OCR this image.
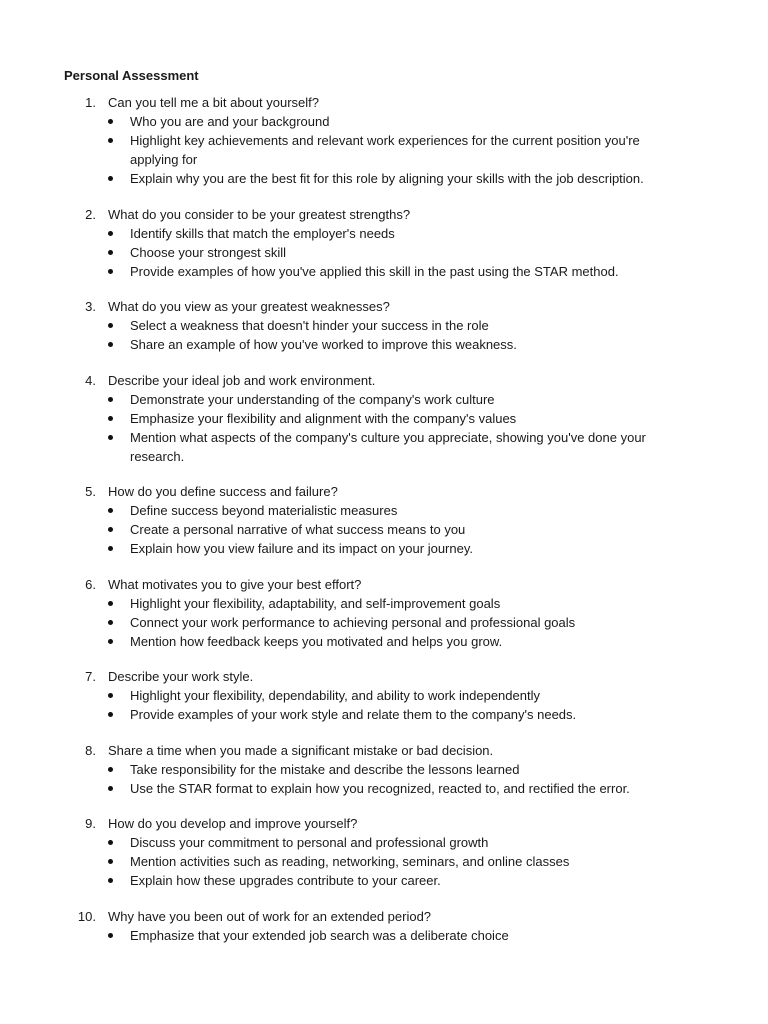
Personal Assessment
1. Can you tell me a bit about yourself?
Who you are and your background
Highlight key achievements and relevant work experiences for the current position you're applying for
Explain why you are the best fit for this role by aligning your skills with the job description.
2. What do you consider to be your greatest strengths?
Identify skills that match the employer's needs
Choose your strongest skill
Provide examples of how you've applied this skill in the past using the STAR method.
3. What do you view as your greatest weaknesses?
Select a weakness that doesn't hinder your success in the role
Share an example of how you've worked to improve this weakness.
4. Describe your ideal job and work environment.
Demonstrate your understanding of the company's work culture
Emphasize your flexibility and alignment with the company's values
Mention what aspects of the company's culture you appreciate, showing you've done your research.
5. How do you define success and failure?
Define success beyond materialistic measures
Create a personal narrative of what success means to you
Explain how you view failure and its impact on your journey.
6. What motivates you to give your best effort?
Highlight your flexibility, adaptability, and self-improvement goals
Connect your work performance to achieving personal and professional goals
Mention how feedback keeps you motivated and helps you grow.
7. Describe your work style.
Highlight your flexibility, dependability, and ability to work independently
Provide examples of your work style and relate them to the company's needs.
8. Share a time when you made a significant mistake or bad decision.
Take responsibility for the mistake and describe the lessons learned
Use the STAR format to explain how you recognized, reacted to, and rectified the error.
9. How do you develop and improve yourself?
Discuss your commitment to personal and professional growth
Mention activities such as reading, networking, seminars, and online classes
Explain how these upgrades contribute to your career.
10. Why have you been out of work for an extended period?
Emphasize that your extended job search was a deliberate choice
